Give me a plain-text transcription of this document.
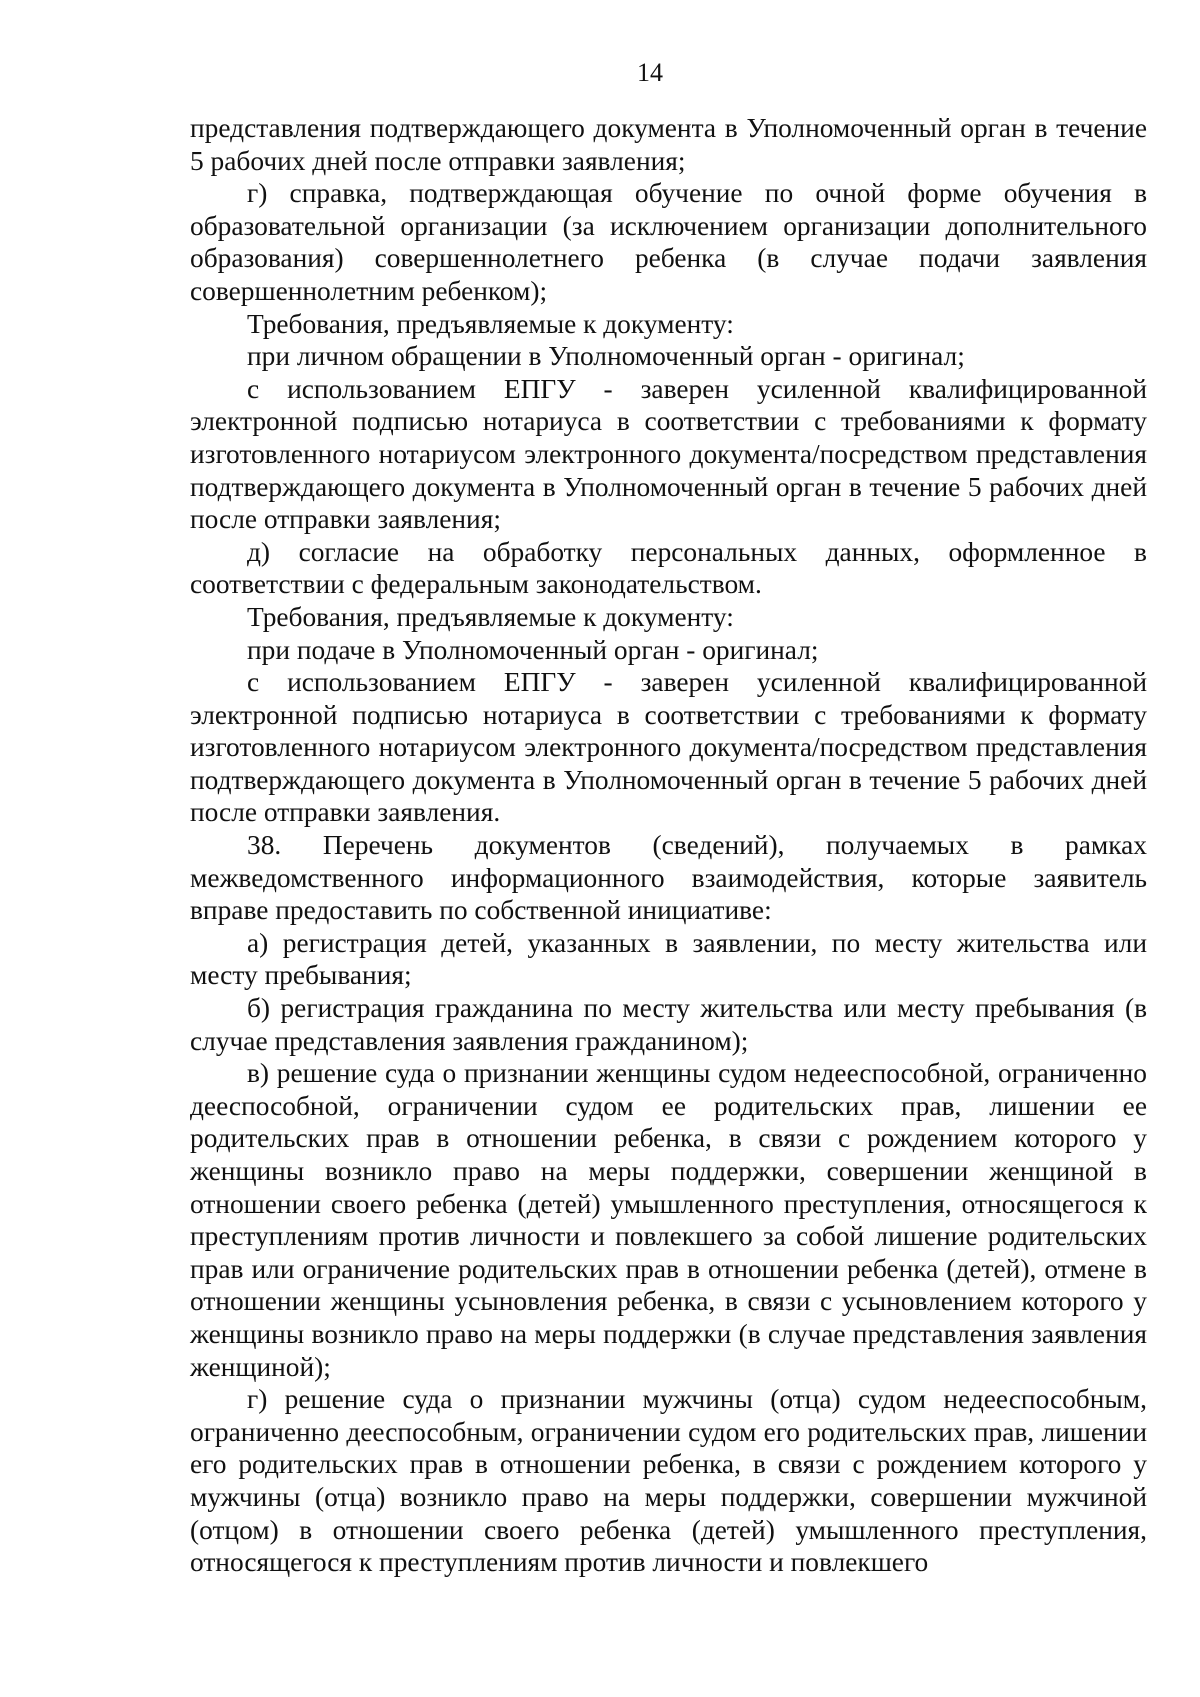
14

представления подтверждающего документа в Уполномоченный орган в течение 5 рабочих дней после отправки заявления;

г) справка, подтверждающая обучение по очной форме обучения в образовательной организации (за исключением организации дополнительного образования) совершеннолетнего ребенка (в случае подачи заявления совершеннолетним ребенком);

Требования, предъявляемые к документу:

при личном обращении в Уполномоченный орган - оригинал;

с использованием ЕПГУ - заверен усиленной квалифицированной электронной подписью нотариуса в соответствии с требованиями к формату изготовленного нотариусом электронного документа/посредством представления подтверждающего документа в Уполномоченный орган в течение 5 рабочих дней после отправки заявления;

д) согласие на обработку персональных данных, оформленное в соответствии с федеральным законодательством.

Требования, предъявляемые к документу:

при подаче в Уполномоченный орган - оригинал;

с использованием ЕПГУ - заверен усиленной квалифицированной электронной подписью нотариуса в соответствии с требованиями к формату изготовленного нотариусом электронного документа/посредством представления подтверждающего документа в Уполномоченный орган в течение 5 рабочих дней после отправки заявления.

38. Перечень документов (сведений), получаемых в рамках межведомственного информационного взаимодействия, которые заявитель вправе предоставить по собственной инициативе:

а) регистрация детей, указанных в заявлении, по месту жительства или месту пребывания;

б) регистрация гражданина по месту жительства или месту пребывания (в случае представления заявления гражданином);

в) решение суда о признании женщины судом недееспособной, ограниченно дееспособной, ограничении судом ее родительских прав, лишении ее родительских прав в отношении ребенка, в связи с рождением которого у женщины возникло право на меры поддержки, совершении женщиной в отношении своего ребенка (детей) умышленного преступления, относящегося к преступлениям против личности и повлекшего за собой лишение родительских прав или ограничение родительских прав в отношении ребенка (детей), отмене в отношении женщины усыновления ребенка, в связи с усыновлением которого у женщины возникло право на меры поддержки (в случае представления заявления женщиной);

г) решение суда о признании мужчины (отца) судом недееспособным, ограниченно дееспособным, ограничении судом его родительских прав, лишении его родительских прав в отношении ребенка, в связи с рождением которого у мужчины (отца) возникло право на меры поддержки, совершении мужчиной (отцом) в отношении своего ребенка (детей) умышленного преступления, относящегося к преступлениям против личности и повлекшего
